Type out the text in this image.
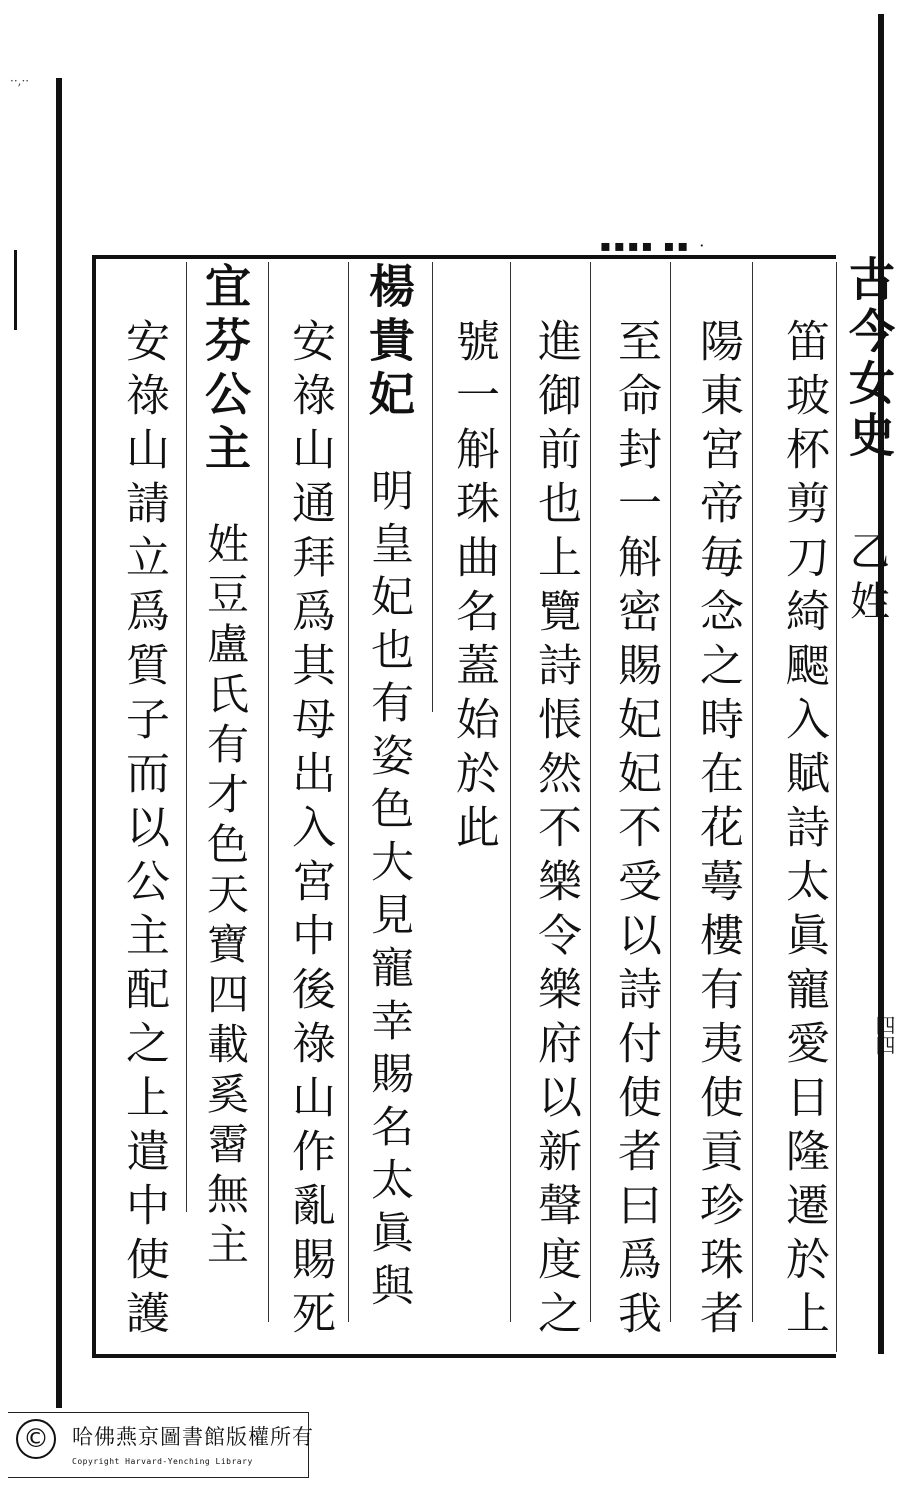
··,··
▪▪▪▪ ▪▪ ·
古今女史
乙
姓
四四
笛玻杯剪刀綺颸入賦詩太眞寵愛日隆遷於上
陽東宮帝毎念之時在花蕚樓有夷使貢珍珠者
至命封一斛密賜妃妃不受以詩付使者曰爲我
進御前也上覽詩悵然不樂令樂府以新聲度之
號一斛珠曲名蓋始於此
楊貴妃明皇妃也有姿色大見寵幸賜名太眞與
安祿山通拜爲其母出入宮中後祿山作亂賜死
宜芬公主姓豆盧氏有才色天寶四載奚霫無主
安祿山請立爲質子而以公主配之上遣中使護
©	哈佛燕京圖書館版權所有
Copyright Harvard-Yenching Library
